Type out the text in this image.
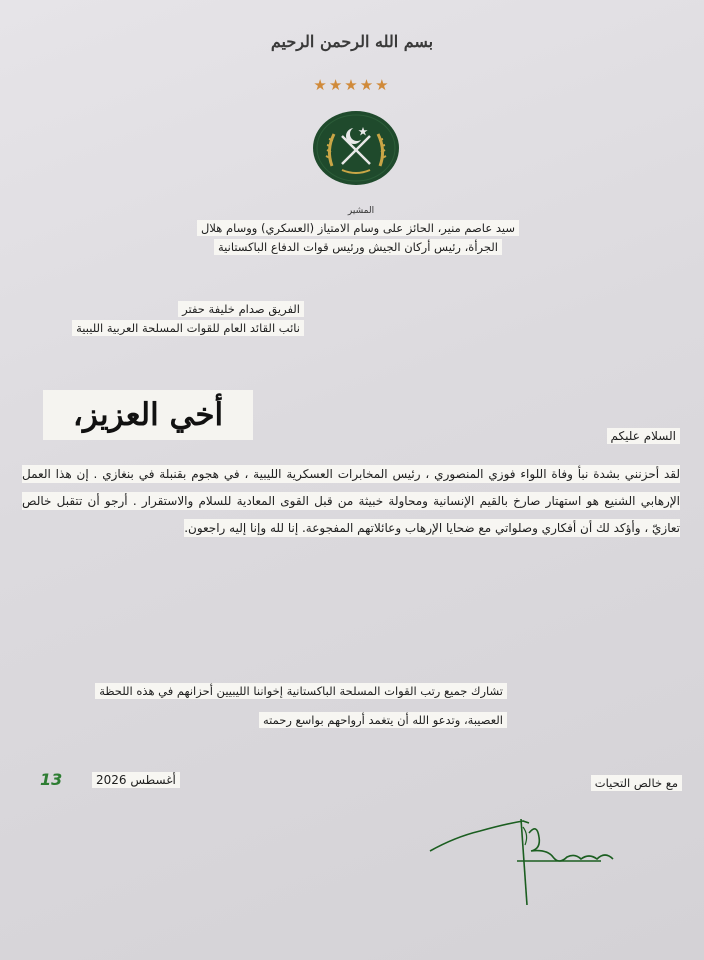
بسم الله الرحمن الرحيم
★★★★★
المشير
سيد عاصم منير، الحائز على وسام الامتياز (العسكري) ووسام هلال
الجرأة، رئيس أركان الجيش ورئيس قوات الدفاع الباكستانية
الفريق صدام خليفة حفتر
نائب القائد العام للقوات المسلحة العربية الليبية
أخي العزيز،
السلام عليكم
لقد أحزنني بشدة نبأ وفاة اللواء فوزي المنصوري ، رئيس المخابرات العسكرية الليبية ، في هجوم بقنبلة في بنغازي . إن هذا العمل الإرهابي الشنيع هو استهتار صارخ بالقيم الإنسانية ومحاولة خبيثة من قبل القوى المعادية للسلام والاستقرار . أرجو أن تتقبل خالص تعازيّ ، وأؤكد لك أن أفكاري وصلواتي مع ضحايا الإرهاب وعائلاتهم المفجوعة. إنا لله وإنا إليه راجعون.
تشارك جميع رتب القوات المسلحة الباكستانية إخواننا الليبيين أحزانهم في هذه اللحظة
العصيبة، وتدعو الله أن يتغمد أرواحهم بواسع رحمته
13	أغسطس 2026	مع خالص التحيات
